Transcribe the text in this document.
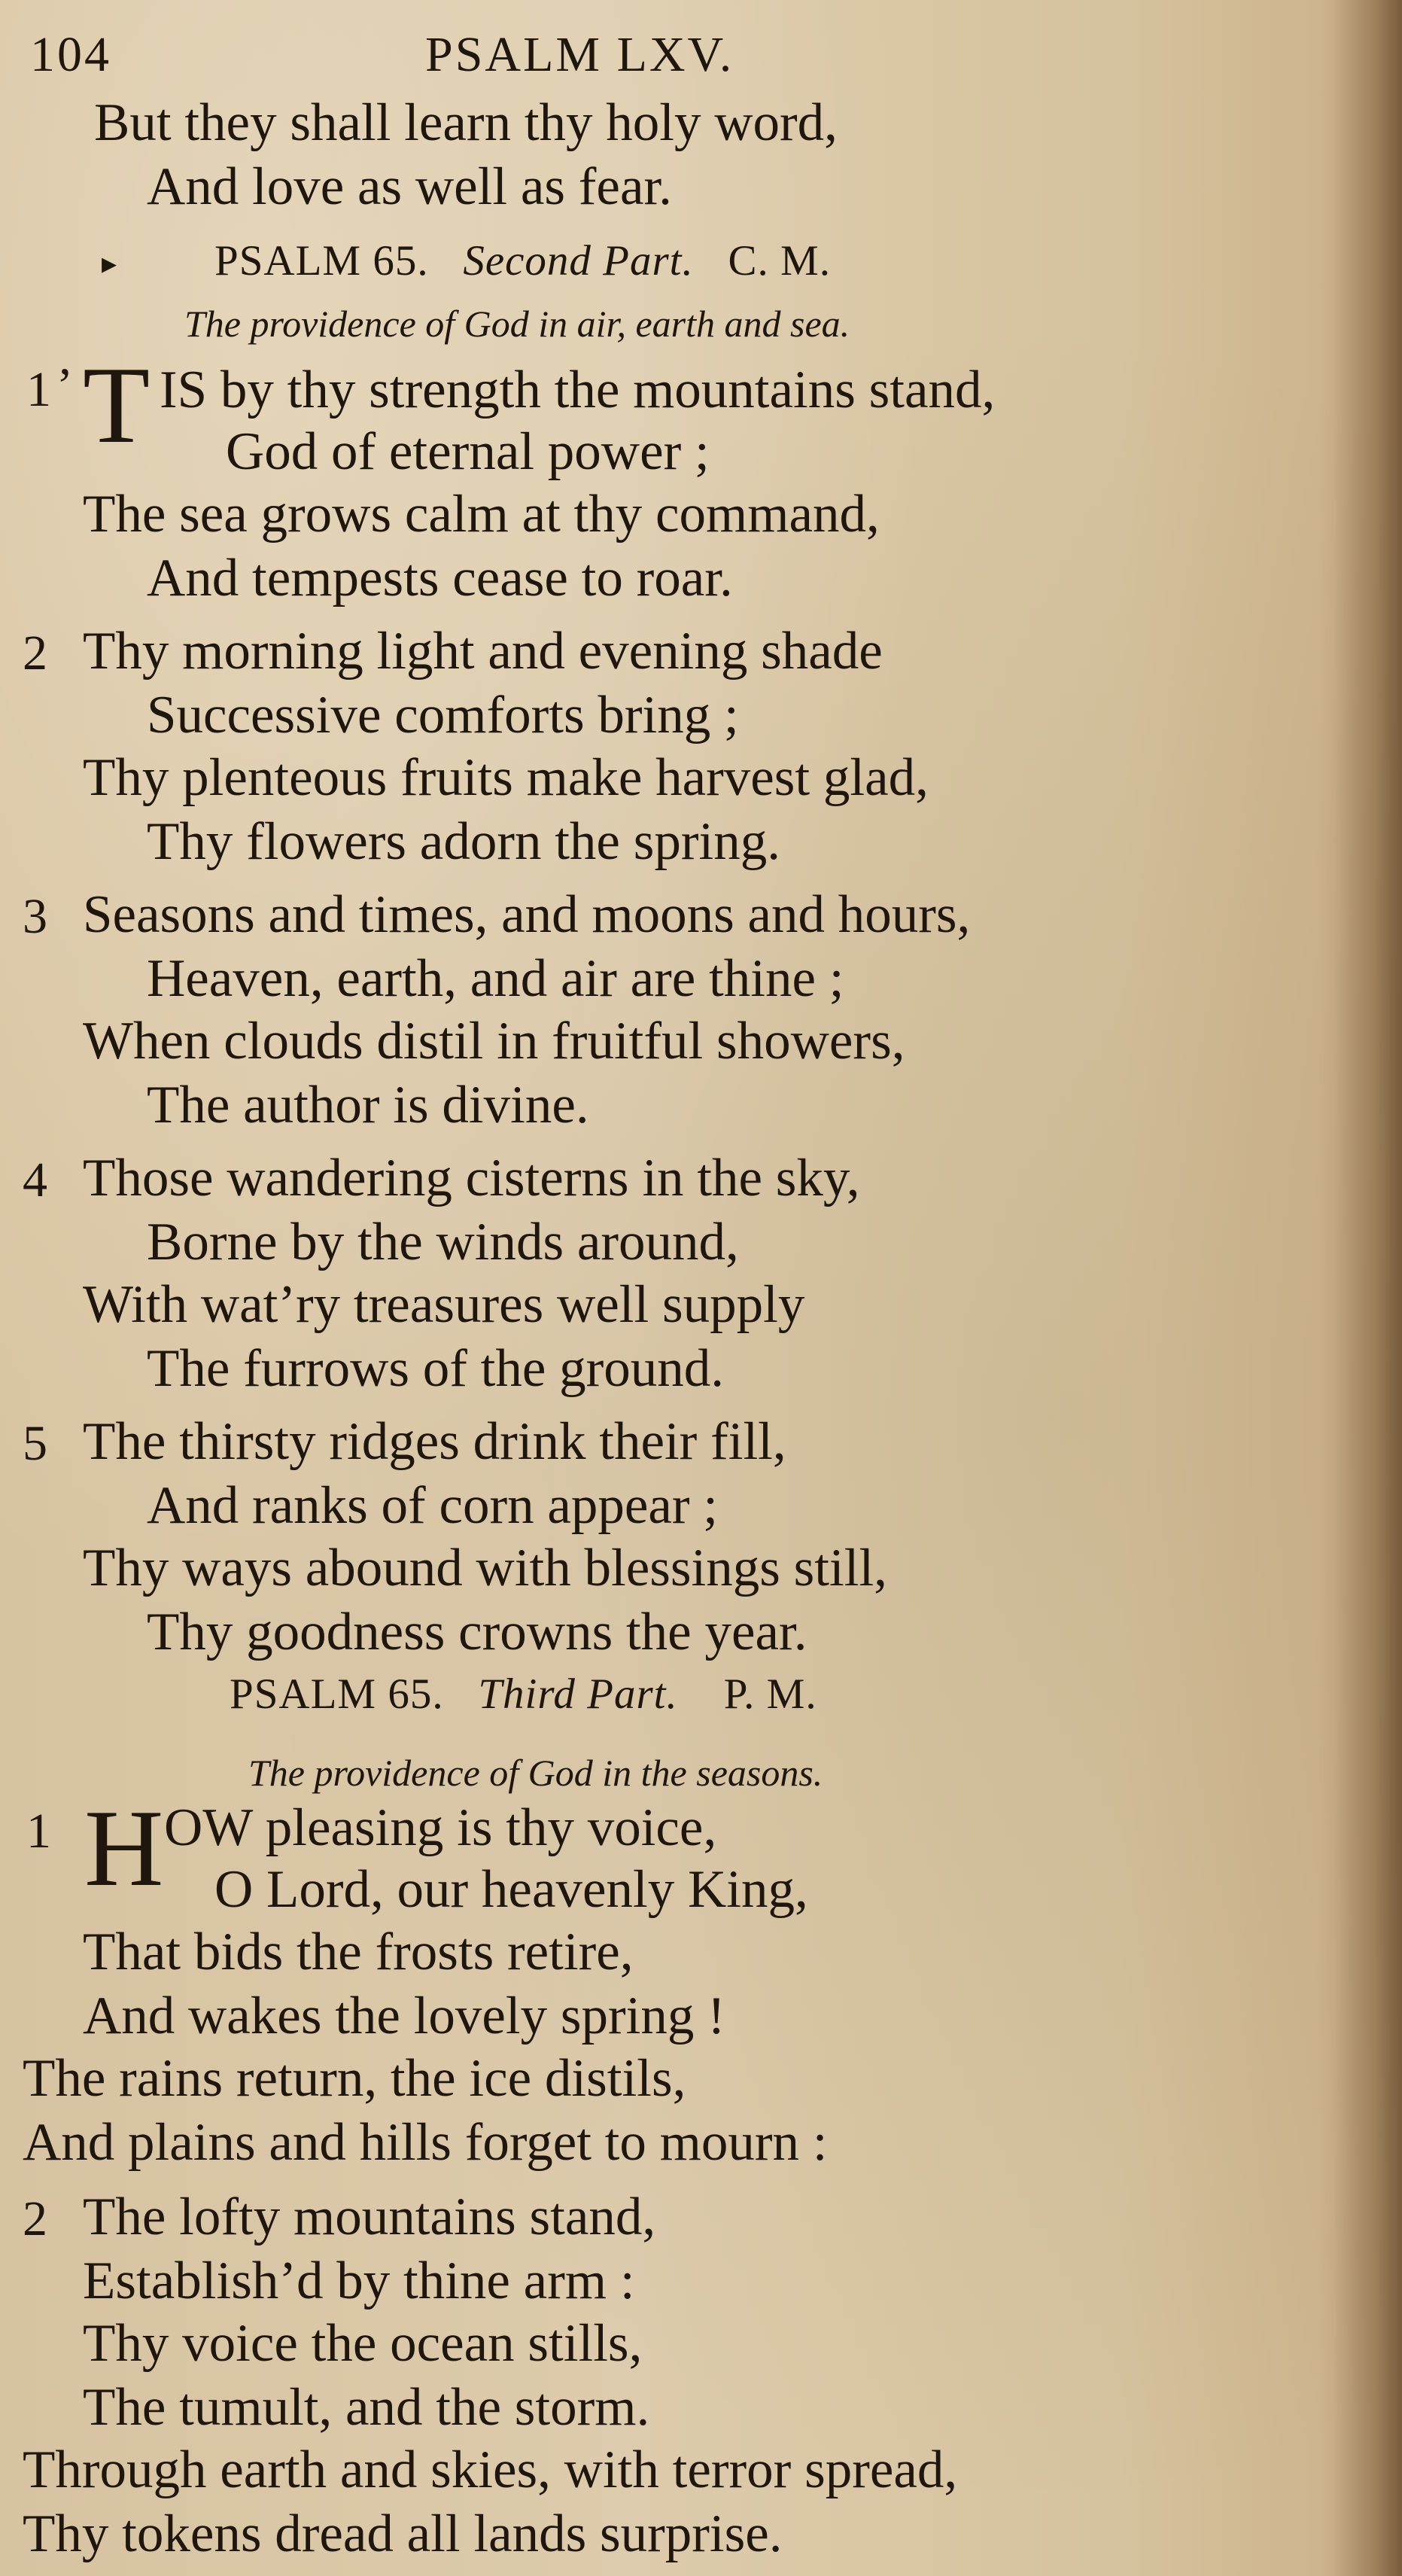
104	PSALM LXV.
But they shall learn thy holy word,
And love as well as fear.
▸ PSALM 65. Second Part. C. M.
The providence of God in air, earth and sea.
1 ’ T IS by thy strength the mountains stand,
God of eternal power ;
The sea grows calm at thy command,
And tempests cease to roar.
2 Thy morning light and evening shade
Successive comforts bring ;
Thy plenteous fruits make harvest glad,
Thy flowers adorn the spring.
3 Seasons and times, and moons and hours,
Heaven, earth, and air are thine ;
When clouds distil in fruitful showers,
The author is divine.
4 Those wandering cisterns in the sky,
Borne by the winds around,
With wat’ry treasures well supply
The furrows of the ground.
5 The thirsty ridges drink their fill,
And ranks of corn appear ;
Thy ways abound with blessings still,
Thy goodness crowns the year.
PSALM 65. Third Part. P. M.
The providence of God in the seasons.
1 H OW pleasing is thy voice,
O Lord, our heavenly King,
That bids the frosts retire,
And wakes the lovely spring !
The rains return, the ice distils,
And plains and hills forget to mourn :
2 The lofty mountains stand,
Establish’d by thine arm :
Thy voice the ocean stills,
The tumult, and the storm.
Through earth and skies, with terror spread,
Thy tokens dread all lands surprise.
